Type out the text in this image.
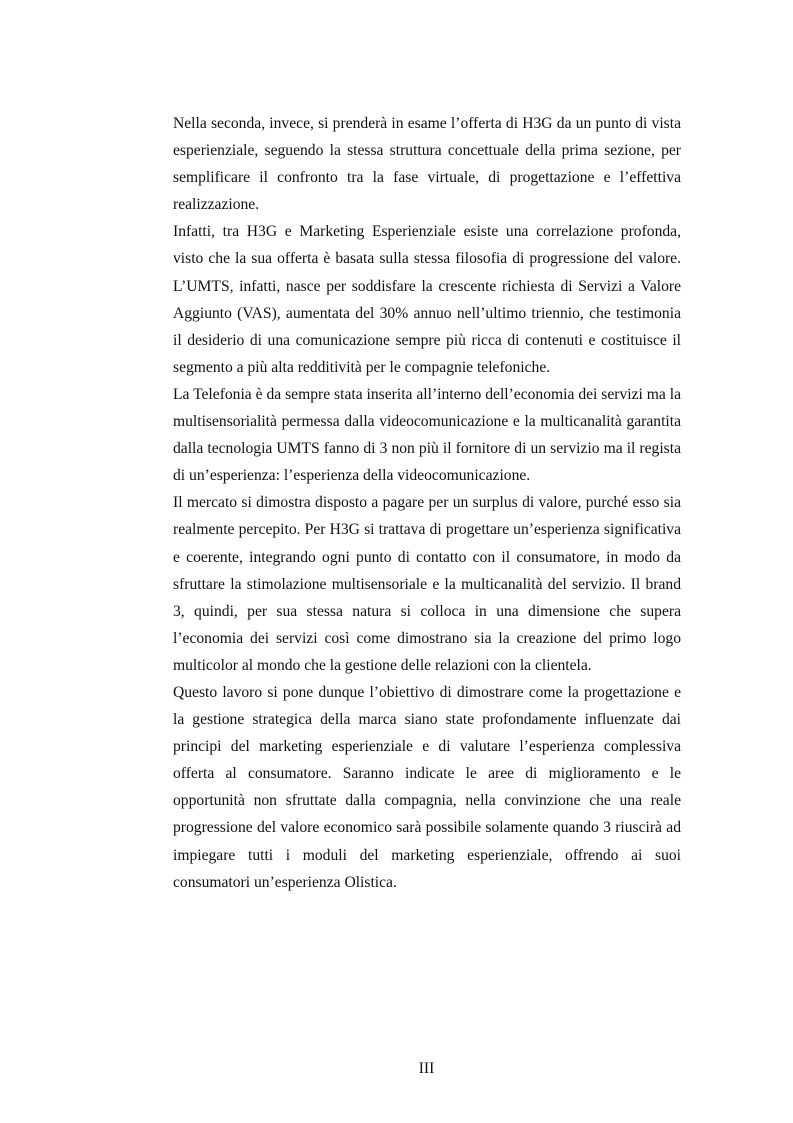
Nella seconda, invece, si prenderà in esame l’offerta di H3G da un punto di vista esperienziale, seguendo la stessa struttura concettuale della prima sezione, per semplificare il confronto tra la fase virtuale, di progettazione e l’effettiva realizzazione.

Infatti, tra H3G e Marketing Esperienziale esiste una correlazione profonda, visto che la sua offerta è basata sulla stessa filosofia di progressione del valore. L’UMTS, infatti, nasce per soddisfare la crescente richiesta di Servizi a Valore Aggiunto (VAS), aumentata del 30% annuo nell’ultimo triennio, che testimonia il desiderio di una comunicazione sempre più ricca di contenuti e costituisce il segmento a più alta redditività per le compagnie telefoniche.

La Telefonia è da sempre stata inserita all’interno dell’economia dei servizi ma la multisensorialità permessa dalla videocomunicazione e la multicanalità garantita dalla tecnologia UMTS fanno di 3 non più il fornitore di un servizio ma il regista di un’esperienza: l’esperienza della videocomunicazione.

Il mercato si dimostra disposto a pagare per un surplus di valore, purché esso sia realmente percepito. Per H3G si trattava di progettare un’esperienza significativa e coerente, integrando ogni punto di contatto con il consumatore, in modo da sfruttare la stimolazione multisensoriale e la multicanalità del servizio. Il brand 3, quindi, per sua stessa natura si colloca in una dimensione che supera l’economia dei servizi così come dimostrano sia la creazione del primo logo multicolor al mondo che la gestione delle relazioni con la clientela.

Questo lavoro si pone dunque l’obiettivo di dimostrare come la progettazione e la gestione strategica della marca siano state profondamente influenzate dai principi del marketing esperienziale e di valutare l’esperienza complessiva offerta al consumatore. Saranno indicate le aree di miglioramento e le opportunità non sfruttate dalla compagnia, nella convinzione che una reale progressione del valore economico sarà possibile solamente quando 3 riuscirà ad impiegare tutti i moduli del marketing esperienziale, offrendo ai suoi consumatori un’esperienza Olistica.

III
